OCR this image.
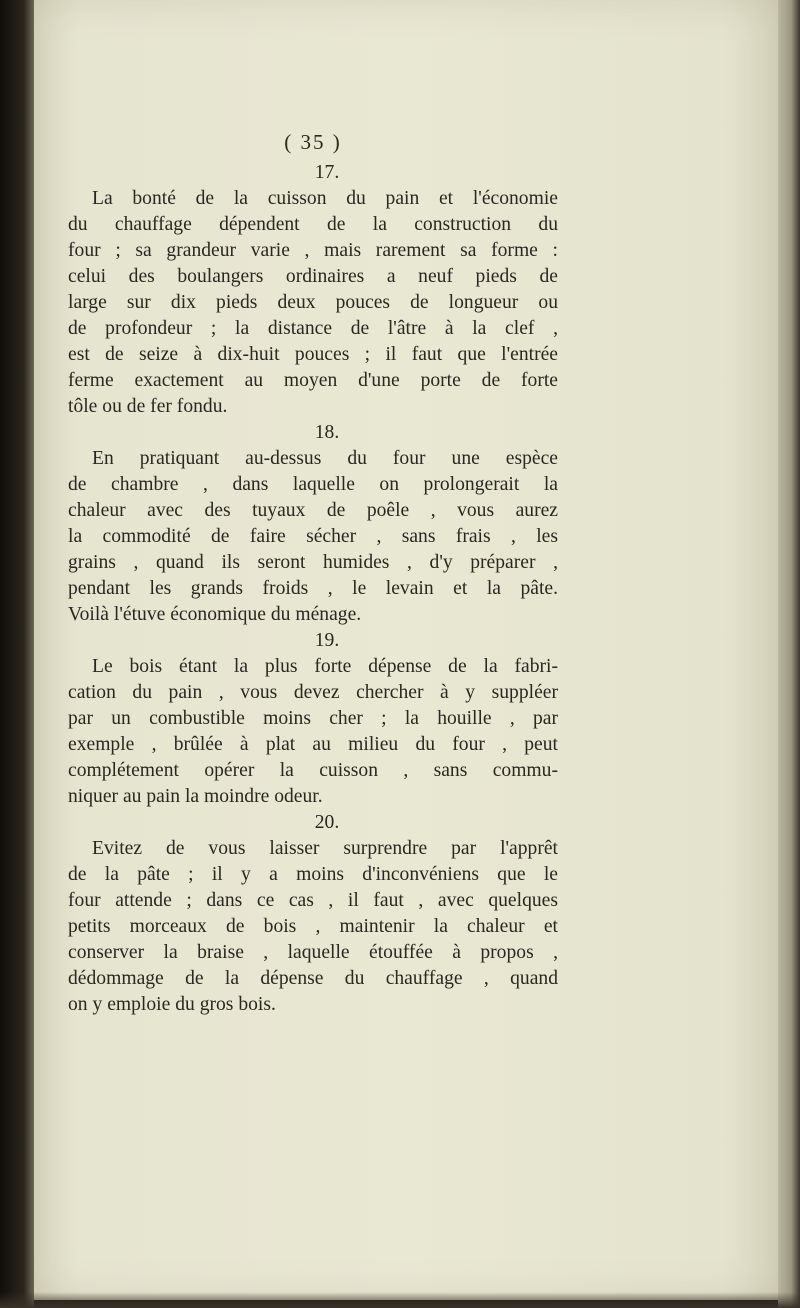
( 35 )
17.

La bonté de la cuisson du pain et l'économie
du chauffage dépendent de la construction du
four ; sa grandeur varie , mais rarement sa forme :
celui des boulangers ordinaires a neuf pieds de
large sur dix pieds deux pouces de longueur ou
de profondeur ; la distance de l'âtre à la clef ,
est de seize à dix-huit pouces ; il faut que l'entrée
ferme exactement au moyen d'une porte de forte
tôle ou de fer fondu.

18.

En pratiquant au-dessus du four une espèce
de chambre , dans laquelle on prolongerait la
chaleur avec des tuyaux de poêle , vous aurez
la commodité de faire sécher , sans frais , les
grains , quand ils seront humides , d'y préparer ,
pendant les grands froids , le levain et la pâte.
Voilà l'étuve économique du ménage.

19.

Le bois étant la plus forte dépense de la fabri-
cation du pain , vous devez chercher à y suppléer
par un combustible moins cher ; la houille , par
exemple , brûlée à plat au milieu du four , peut
complétement opérer la cuisson , sans commu-
niquer au pain la moindre odeur.

20.

Evitez de vous laisser surprendre par l'apprêt
de la pâte ; il y a moins d'inconvéniens que le
four attende ; dans ce cas , il faut , avec quelques
petits morceaux de bois , maintenir la chaleur et
conserver la braise , laquelle étouffée à propos ,
dédommage de la dépense du chauffage , quand
on y emploie du gros bois.
